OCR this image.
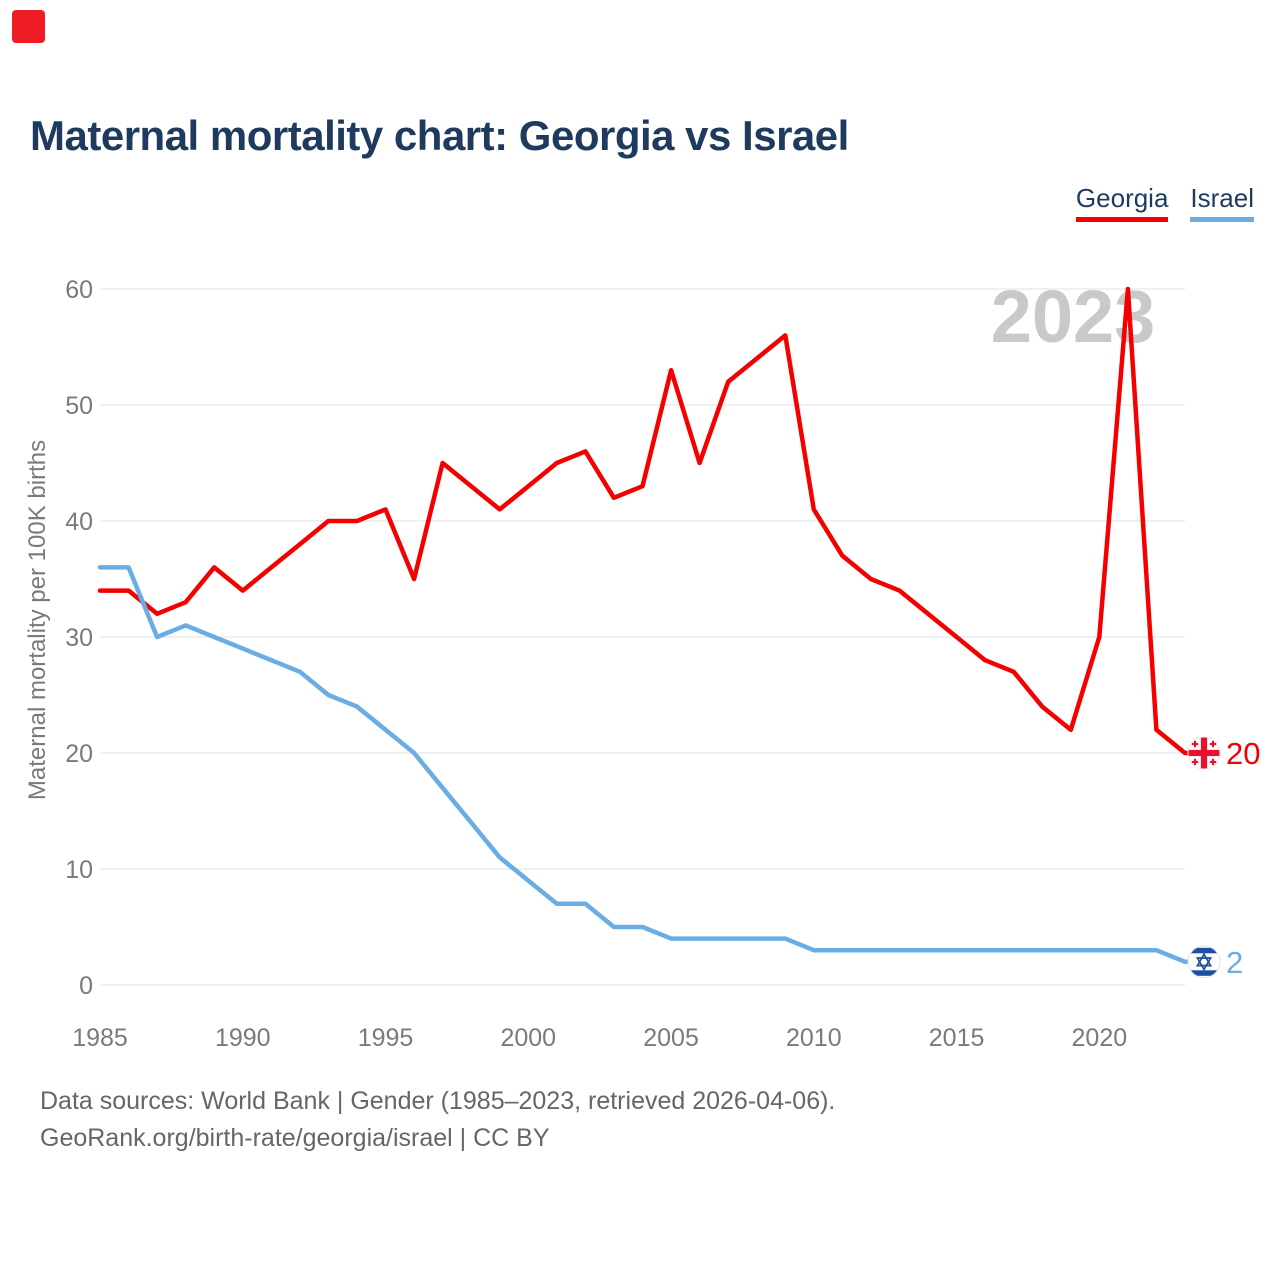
Maternal mortality chart: Georgia vs Israel
Georgia Israel
2023
0
10
20
30
40
50
60
1985	1990	1995	2000	2005	2010	2015	2020
Maternal mortality per 100K births	20
2
Data sources: World Bank | Gender (1985–2023, retrieved 2026-04-06).
GeoRank.org/birth-rate/georgia/israel | CC BY
